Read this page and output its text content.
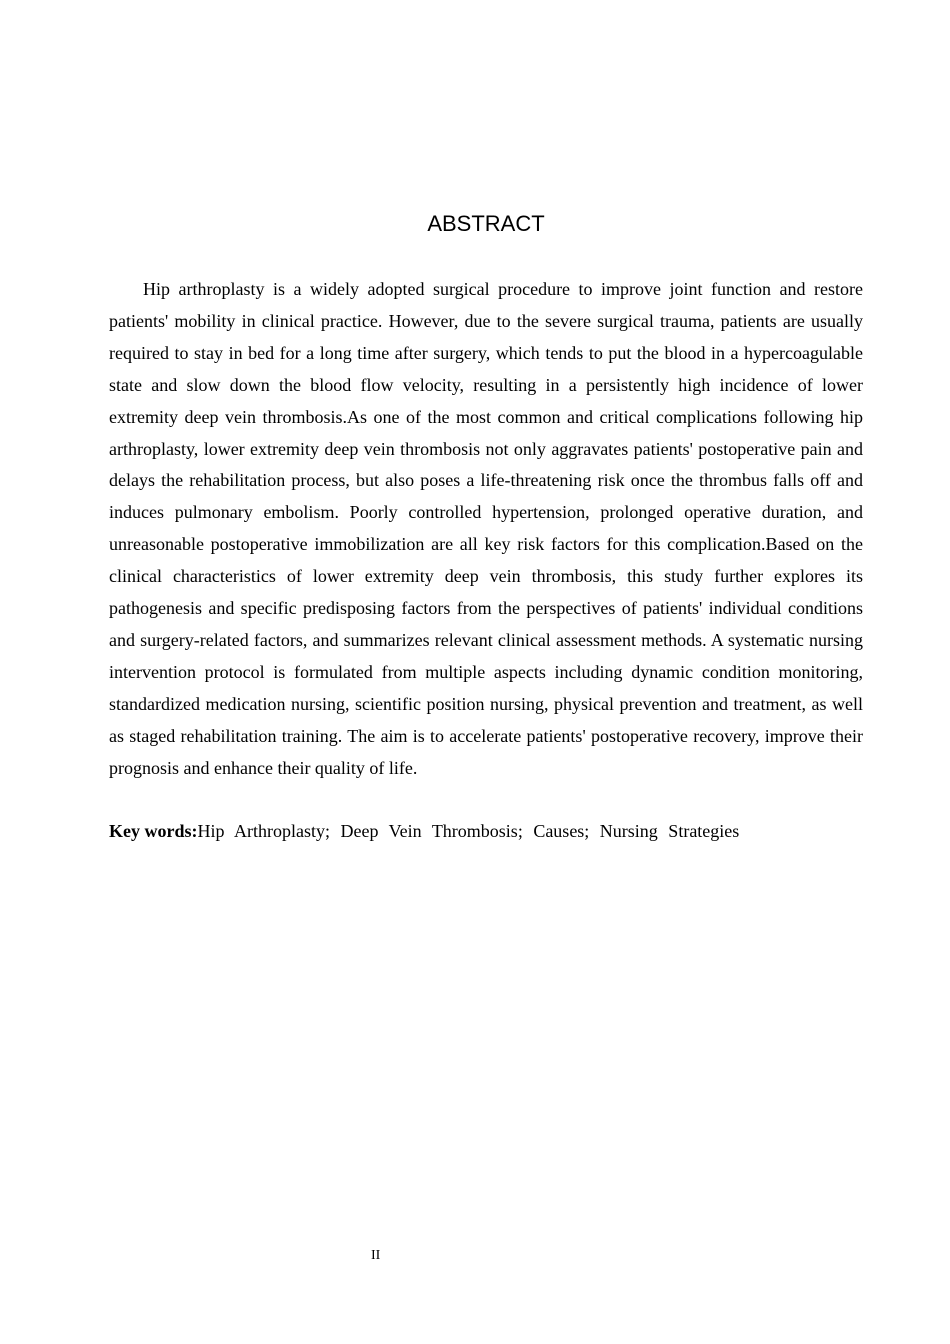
ABSTRACT

Hip arthroplasty is a widely adopted surgical procedure to improve joint function and restore patients' mobility in clinical practice. However, due to the severe surgical trauma, patients are usually required to stay in bed for a long time after surgery, which tends to put the blood in a hypercoagulable state and slow down the blood flow velocity, resulting in a persistently high incidence of lower extremity deep vein thrombosis.As one of the most common and critical complications following hip arthroplasty, lower extremity deep vein thrombosis not only aggravates patients' postoperative pain and delays the rehabilitation process, but also poses a life-threatening risk once the thrombus falls off and induces pulmonary embolism. Poorly controlled hypertension, prolonged operative duration, and unreasonable postoperative immobilization are all key risk factors for this complication.Based on the clinical characteristics of lower extremity deep vein thrombosis, this study further explores its pathogenesis and specific predisposing factors from the perspectives of patients' individual conditions and surgery-related factors, and summarizes relevant clinical assessment methods. A systematic nursing intervention protocol is formulated from multiple aspects including dynamic condition monitoring, standardized medication nursing, scientific position nursing, physical prevention and treatment, as well as staged rehabilitation training. The aim is to accelerate patients' postoperative recovery, improve their prognosis and enhance their quality of life.

Key words:Hip Arthroplasty; Deep Vein Thrombosis; Causes; Nursing Strategies

II
